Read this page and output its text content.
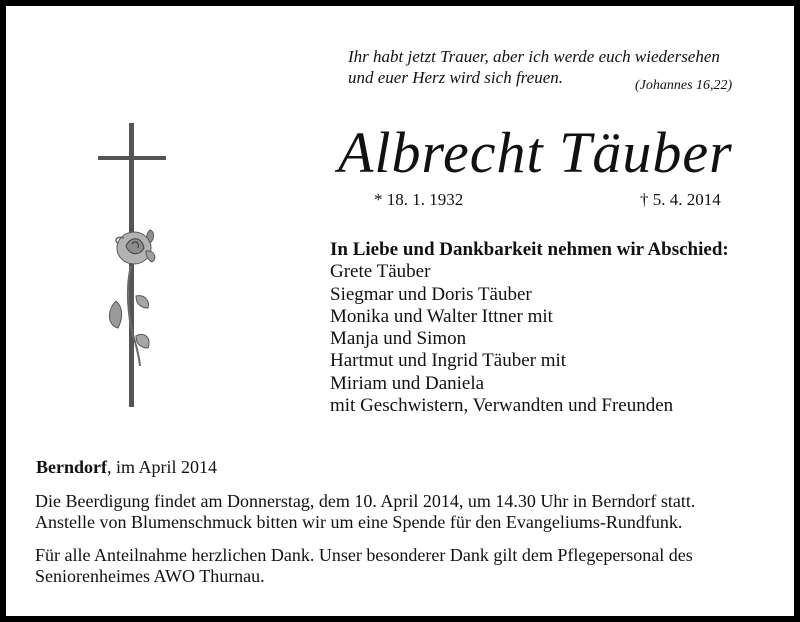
Ihr habt jetzt Trauer, aber ich werde euch wiedersehen
und euer Herz wird sich freuen.	(Johannes 16,22)
Albrecht Täuber
* 18. 1. 1932	† 5. 4. 2014
In Liebe und Dankbarkeit nehmen wir Abschied:
Grete Täuber
Siegmar und Doris Täuber
Monika und Walter Ittner mit
Manja und Simon
Hartmut und Ingrid Täuber mit
Miriam und Daniela
mit Geschwistern, Verwandten und Freunden
Berndorf, im April 2014
Die Beerdigung findet am Donnerstag, dem 10. April 2014, um 14.30 Uhr in Berndorf statt.
Anstelle von Blumenschmuck bitten wir um eine Spende für den Evangeliums-Rundfunk.
Für alle Anteilnahme herzlichen Dank. Unser besonderer Dank gilt dem Pflegepersonal des
Seniorenheimes AWO Thurnau.
